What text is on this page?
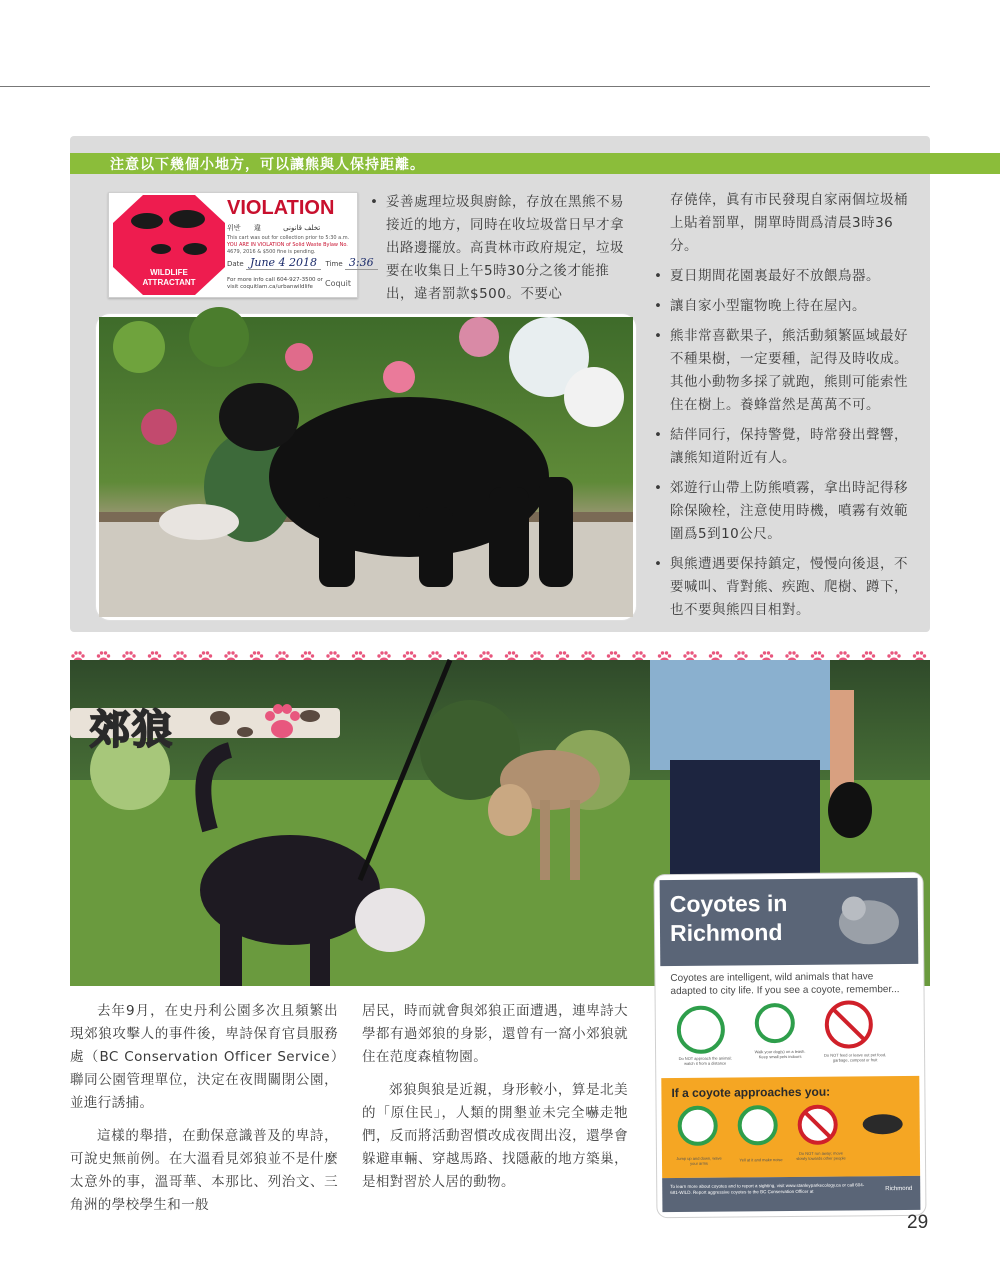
注意以下幾個小地方，可以讓熊與人保持距離。
WILDLIFE
ATTRACTANT
VIOLATION
위반 違	تخلف قانونی
This cart was out for collection prior to 5:30 a.m.
YOU ARE IN VIOLATION of Solid Waste Bylaw No.
4679, 2016 & $500 fine is pending.
Date June 4 2018 Time 3:36
For more info call 604-927-3500 or
visit coquitlam.ca/urbanwildlife	Coquit

• 妥善處理垃圾與廚餘，存放在黑熊不易接近的地方，同時在收垃圾當日早才拿出路邊擺放。高貴林市政府規定，垃圾要在收集日上午5時30分之後才能推出，違者罰款$500。不要心

存僥倖，眞有市民發現自家兩個垃圾桶上貼着罰單，開單時間爲清晨3時36分。

• 夏日期間花園裏最好不放餵鳥器。

• 讓自家小型寵物晚上待在屋內。

• 熊非常喜歡果子，熊活動頻繁區域最好不種果樹，一定要種，記得及時收成。其他小動物多採了就跑，熊則可能索性住在樹上。養蜂當然是萬萬不可。

• 結伴同行，保持警覺，時常發出聲響，讓熊知道附近有人。

• 郊遊行山帶上防熊噴霧，拿出時記得移除保險栓，注意使用時機，噴霧有效範圍爲5到10公尺。

• 與熊遭遇要保持鎮定，慢慢向後退，不要喊叫、背對熊、疾跑、爬樹、蹲下，也不要與熊四目相對。

郊狼
Coyotes in
Richmond
Coyotes are intelligent, wild animals that have adapted to city life. If you see a coyote, remember...
Do NOT approach the animal; watch it from a distance
Walk your dog(s) on a leash. Keep small pets indoors	Do NOT feed or leave out pet food, garbage, compost or fruit
If a coyote approaches you:
Jump up and down, wave your arms
Yell at it and make noise
Do NOT run away; move slowly towards other people
To learn more about coyotes and to report a sighting, visit www.stanleyparkecology.ca or call 604-681-WILD. Report aggressive coyotes to the BC Conservation Officer at	Richmond

去年9月，在史丹利公園多次且頻繁出現郊狼攻擊人的事件後，卑詩保育官員服務處（BC Conservation Officer Service）聯同公園管理單位，決定在夜間關閉公園，並進行誘捕。

這樣的舉措，在動保意識普及的卑詩，可說史無前例。在大溫看見郊狼並不是什麼太意外的事，溫哥華、本那比、列治文、三角洲的學校學生和一般

居民，時而就會與郊狼正面遭遇，連卑詩大學都有過郊狼的身影，還曾有一窩小郊狼就住在范度森植物園。

郊狼與狼是近親，身形較小，算是北美的「原住民」，人類的開墾並未完全嚇走牠們，反而將活動習慣改成夜間出沒，還學會躲避車輛、穿越馬路、找隱蔽的地方築巢，是相對習於人居的動物。

29
